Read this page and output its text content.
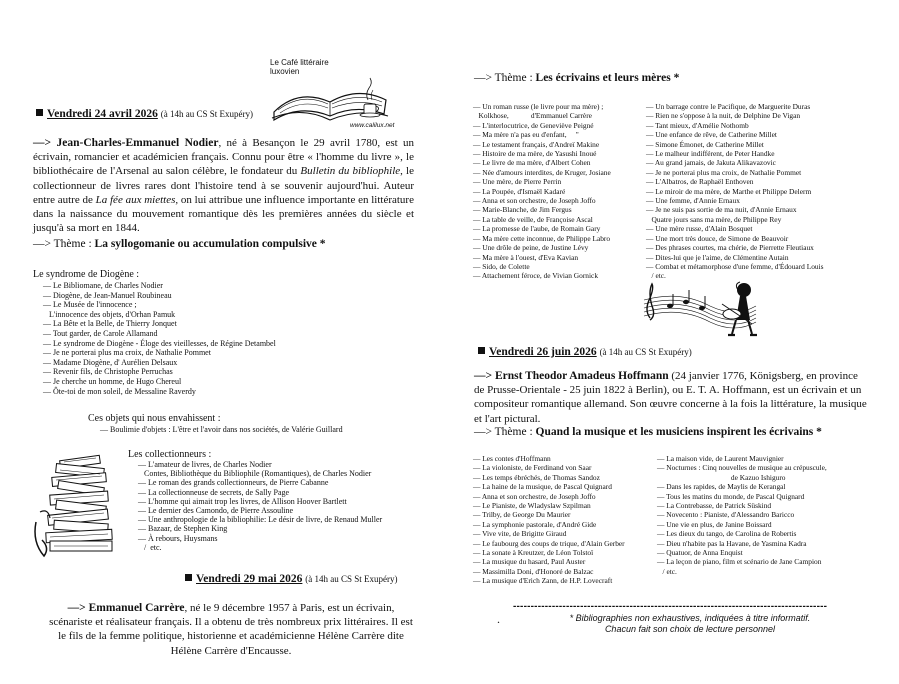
Le Café littéraire
luxovien
www.calilux.net
Vendredi 24 avril 2026 (à 14h au CS St Exupéry)
—> Jean-Charles-Emmanuel Nodier, né à Besançon le 29 avril 1780, est un écrivain, romancier et académicien français. Connu pour être « l'homme du livre », le bibliothécaire de l'Arsenal au salon célèbre, le fondateur du Bulletin du bibliophile, le collectionneur de livres rares dont l'histoire tend à se souvenir aujourd'hui. Auteur entre autre de La fée aux miettes, on lui attribue une influence importante en littérature dans la naissance du mouvement romantique dès les premières années du siècle et jusqu'à sa mort en 1844.
—> Thème : La syllogomanie ou accumulation compulsive *
Le syndrome de Diogène :
— Le Bibliomane, de Charles Nodier
— Diogène, de Jean-Manuel Roubineau
— Le Musée de l'innocence ;
L'innocence des objets, d'Orhan Pamuk
— La Bête et la Belle, de Thierry Jonquet
— Tout garder, de Carole Allamand
— Le syndrome de Diogène - Éloge des vieillesses, de Régine Detambel
— Je ne porterai plus ma croix, de Nathalie Pommet
— Madame Diogène, d' Aurélien Delsaux
— Revenir fils, de Christophe Perruchas
— Je cherche un homme, de Hugo Chereul
— Ôte-toi de mon soleil, de Messaline Raverdy
Ces objets qui nous envahissent :
— Boulimie d'objets : L'être et l'avoir dans nos sociétés, de Valérie Guillard
Les collectionneurs :
— L'amateur de livres, de Charles Nodier
Contes, Bibliothèque du Bibliophile (Romantiques), de Charles Nodier
— Le roman des grands collectionneurs, de Pierre Cabanne
— La collectionneuse de secrets, de Sally Page
— L'homme qui aimait trop les livres, de Allison Hoover Bartlett
— Le dernier des Camondo, de Pierre Assouline
— Une anthropologie de la bibliophilie: Le désir de livre, de Renaud Muller
— Bazaar, de Stephen King
— À rebours, Huysmans
/  etc.
Vendredi 29 mai 2026 (à 14h au CS St Exupéry)
—> Emmanuel Carrère, né le 9 décembre 1957 à Paris, est un écrivain, scénariste et réalisateur français. Il a obtenu de très nombreux prix littéraires. Il est le fils de la femme politique, historienne et académicienne Hélène Carrère dite Hélène Carrère d'Encausse.
—> Thème : Les écrivains et leurs mères *
— Un roman russe (le livre pour ma mère) ;
Kolkhose,            d'Emmanuel Carrère
— L'interlocutrice, de Geneviève Peigné
— Ma mère n'a pas eu d'enfant,     "
— Le testament français, d'Andreï Makine
— Histoire de ma mère, de Yasushi Inoué
— Le livre de ma mère, d'Albert Cohen
— Née d'amours interdites, de Kruger, Josiane
— Une mère, de Pierre Perrin
— La Poupée, d'Ismaël Kadaré
— Anna et son orchestre, de Joseph Joffo
— Marie-Blanche, de Jim Fergus
— La table de veille, de Françoise Ascal
— La promesse de l'aube, de Romain Gary
— Ma mère cette inconnue, de Philippe Labro
— Une drôle de peine, de Justine Lévy
— Ma mère à l'ouest, d'Eva Kavian
— Sido, de Colette
— Attachement féroce, de Vivian Gornick
— Un barrage contre le Pacifique, de Marguerite Duras
— Rien ne s'oppose à la nuit, de Delphine De Vigan
— Tant mieux, d'Amélie Nothomb
— Une enfance de rêve, de Catherine Millet
— Simone Émonet, de Catherine Millet
— Le malheur indifférent, de Peter Handke
— Au grand jamais, de Jakuta Alikavazovic
— Je ne porterai plus ma croix, de Nathalie Pommet
— L'Albatros, de Raphaël Enthoven
— Le miroir de ma mère, de Marthe et Philippe Delerm
— Une femme, d'Annie Ernaux
— Je ne suis pas sortie de ma nuit, d'Annie Ernaux
Quatre jours sans ma mère, de Philippe Rey
— Une mère russe, d'Alain Bosquet
— Une mort très douce, de Simone de Beauvoir
— Des phrases courtes, ma chérie, de Pierrette Fleutiaux
— Dites-lui que je l'aime, de Clémentine Autain
— Combat et métamorphose d'une femme, d'Édouard Louis
/ etc.
Vendredi 26 juin 2026 (à 14h au CS St Exupéry)
—> Ernst Theodor Amadeus Hoffmann (24 janvier 1776, Königsberg, en province de Prusse-Orientale - 25 juin 1822 à Berlin), ou E. T. A. Hoffmann, est un écrivain et un compositeur romantique allemand. Son œuvre concerne à la fois la littérature, la musique et l'art pictural.
—> Thème : Quand la musique et les musiciens inspirent les écrivains *
— Les contes d'Hoffmann
— La violoniste, de Ferdinand von Saar
— Les temps ébréchés, de Thomas Sandoz
— La haine de la musique, de Pascal Quignard
— Anna et son orchestre, de Joseph Joffo
— Le Pianiste, de Wladyslaw Szpilman
— Trilby, de George Du Maurier
— La symphonie pastorale, d'André Gide
— Vive vite, de Brigitte Giraud
— Le faubourg des coups de trique, d'Alain Gerber
— La sonate à Kreutzer, de Léon Tolstoï
— La musique du hasard, Paul Auster
— Massimilla Doni, d'Honoré de Balzac
— La musique d'Erich Zann, de H.P. Lovecraft
— La maison vide, de Laurent Mauvignier
— Nocturnes : Cinq nouvelles de musique au crépuscule,
de Kazuo Ishiguro
— Dans les rapides, de Maylis de Kerangal
— Tous les matins du monde, de Pascal Quignard
— La Contrebasse, de Patrick Süskind
— Novecento : Pianiste, d'Alessandro Baricco
— Une vie en plus, de Janine Boissard
— Les dieux du tango, de Carolina de Robertis
— Dieu n'habite pas la Havane, de Yasmina Kadra
— Quatuor, de Anna Enquist
— La leçon de piano, film et scénario de Jane Campion
/ etc.
-----------------------------------------------------------------------------------------
.	* Bibliographies non exhaustives, indiquées à titre informatif.
Chacun fait son choix de lecture personnel
